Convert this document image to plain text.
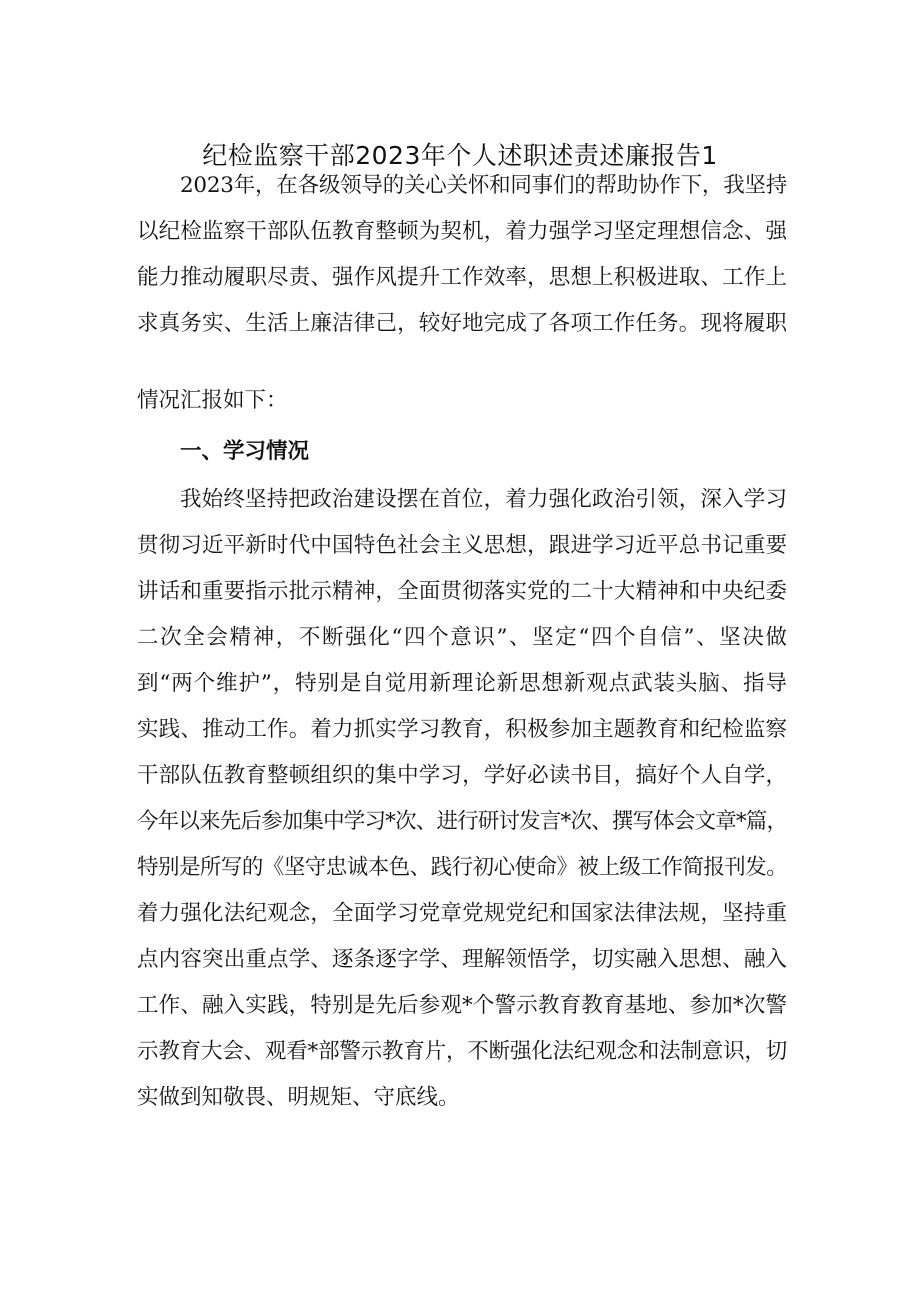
纪检监察干部2023年个人述职述责述廉报告1
2023年，在各级领导的关心关怀和同事们的帮助协作下，我坚持
以纪检监察干部队伍教育整顿为契机，着力强学习坚定理想信念、强
能力推动履职尽责、强作风提升工作效率，思想上积极进取、工作上
求真务实、生活上廉洁律己，较好地完成了各项工作任务。现将履职
情况汇报如下：
一、学习情况
我始终坚持把政治建设摆在首位，着力强化政治引领，深入学习
贯彻习近平新时代中国特色社会主义思想，跟进学习近平总书记重要
讲话和重要指示批示精神，全面贯彻落实党的二十大精神和中央纪委
二次全会精神，不断强化“四个意识”、坚定“四个自信”、坚决做
到“两个维护”，特别是自觉用新理论新思想新观点武装头脑、指导
实践、推动工作。着力抓实学习教育，积极参加主题教育和纪检监察
干部队伍教育整顿组织的集中学习，学好必读书目，搞好个人自学，
今年以来先后参加集中学习*次、进行研讨发言*次、撰写体会文章*篇，
特别是所写的《坚守忠诚本色、践行初心使命》被上级工作简报刊发。
着力强化法纪观念，全面学习党章党规党纪和国家法律法规，坚持重
点内容突出重点学、逐条逐字学、理解领悟学，切实融入思想、融入
工作、融入实践，特别是先后参观*个警示教育教育基地、参加*次警
示教育大会、观看*部警示教育片，不断强化法纪观念和法制意识，切
实做到知敬畏、明规矩、守底线。
